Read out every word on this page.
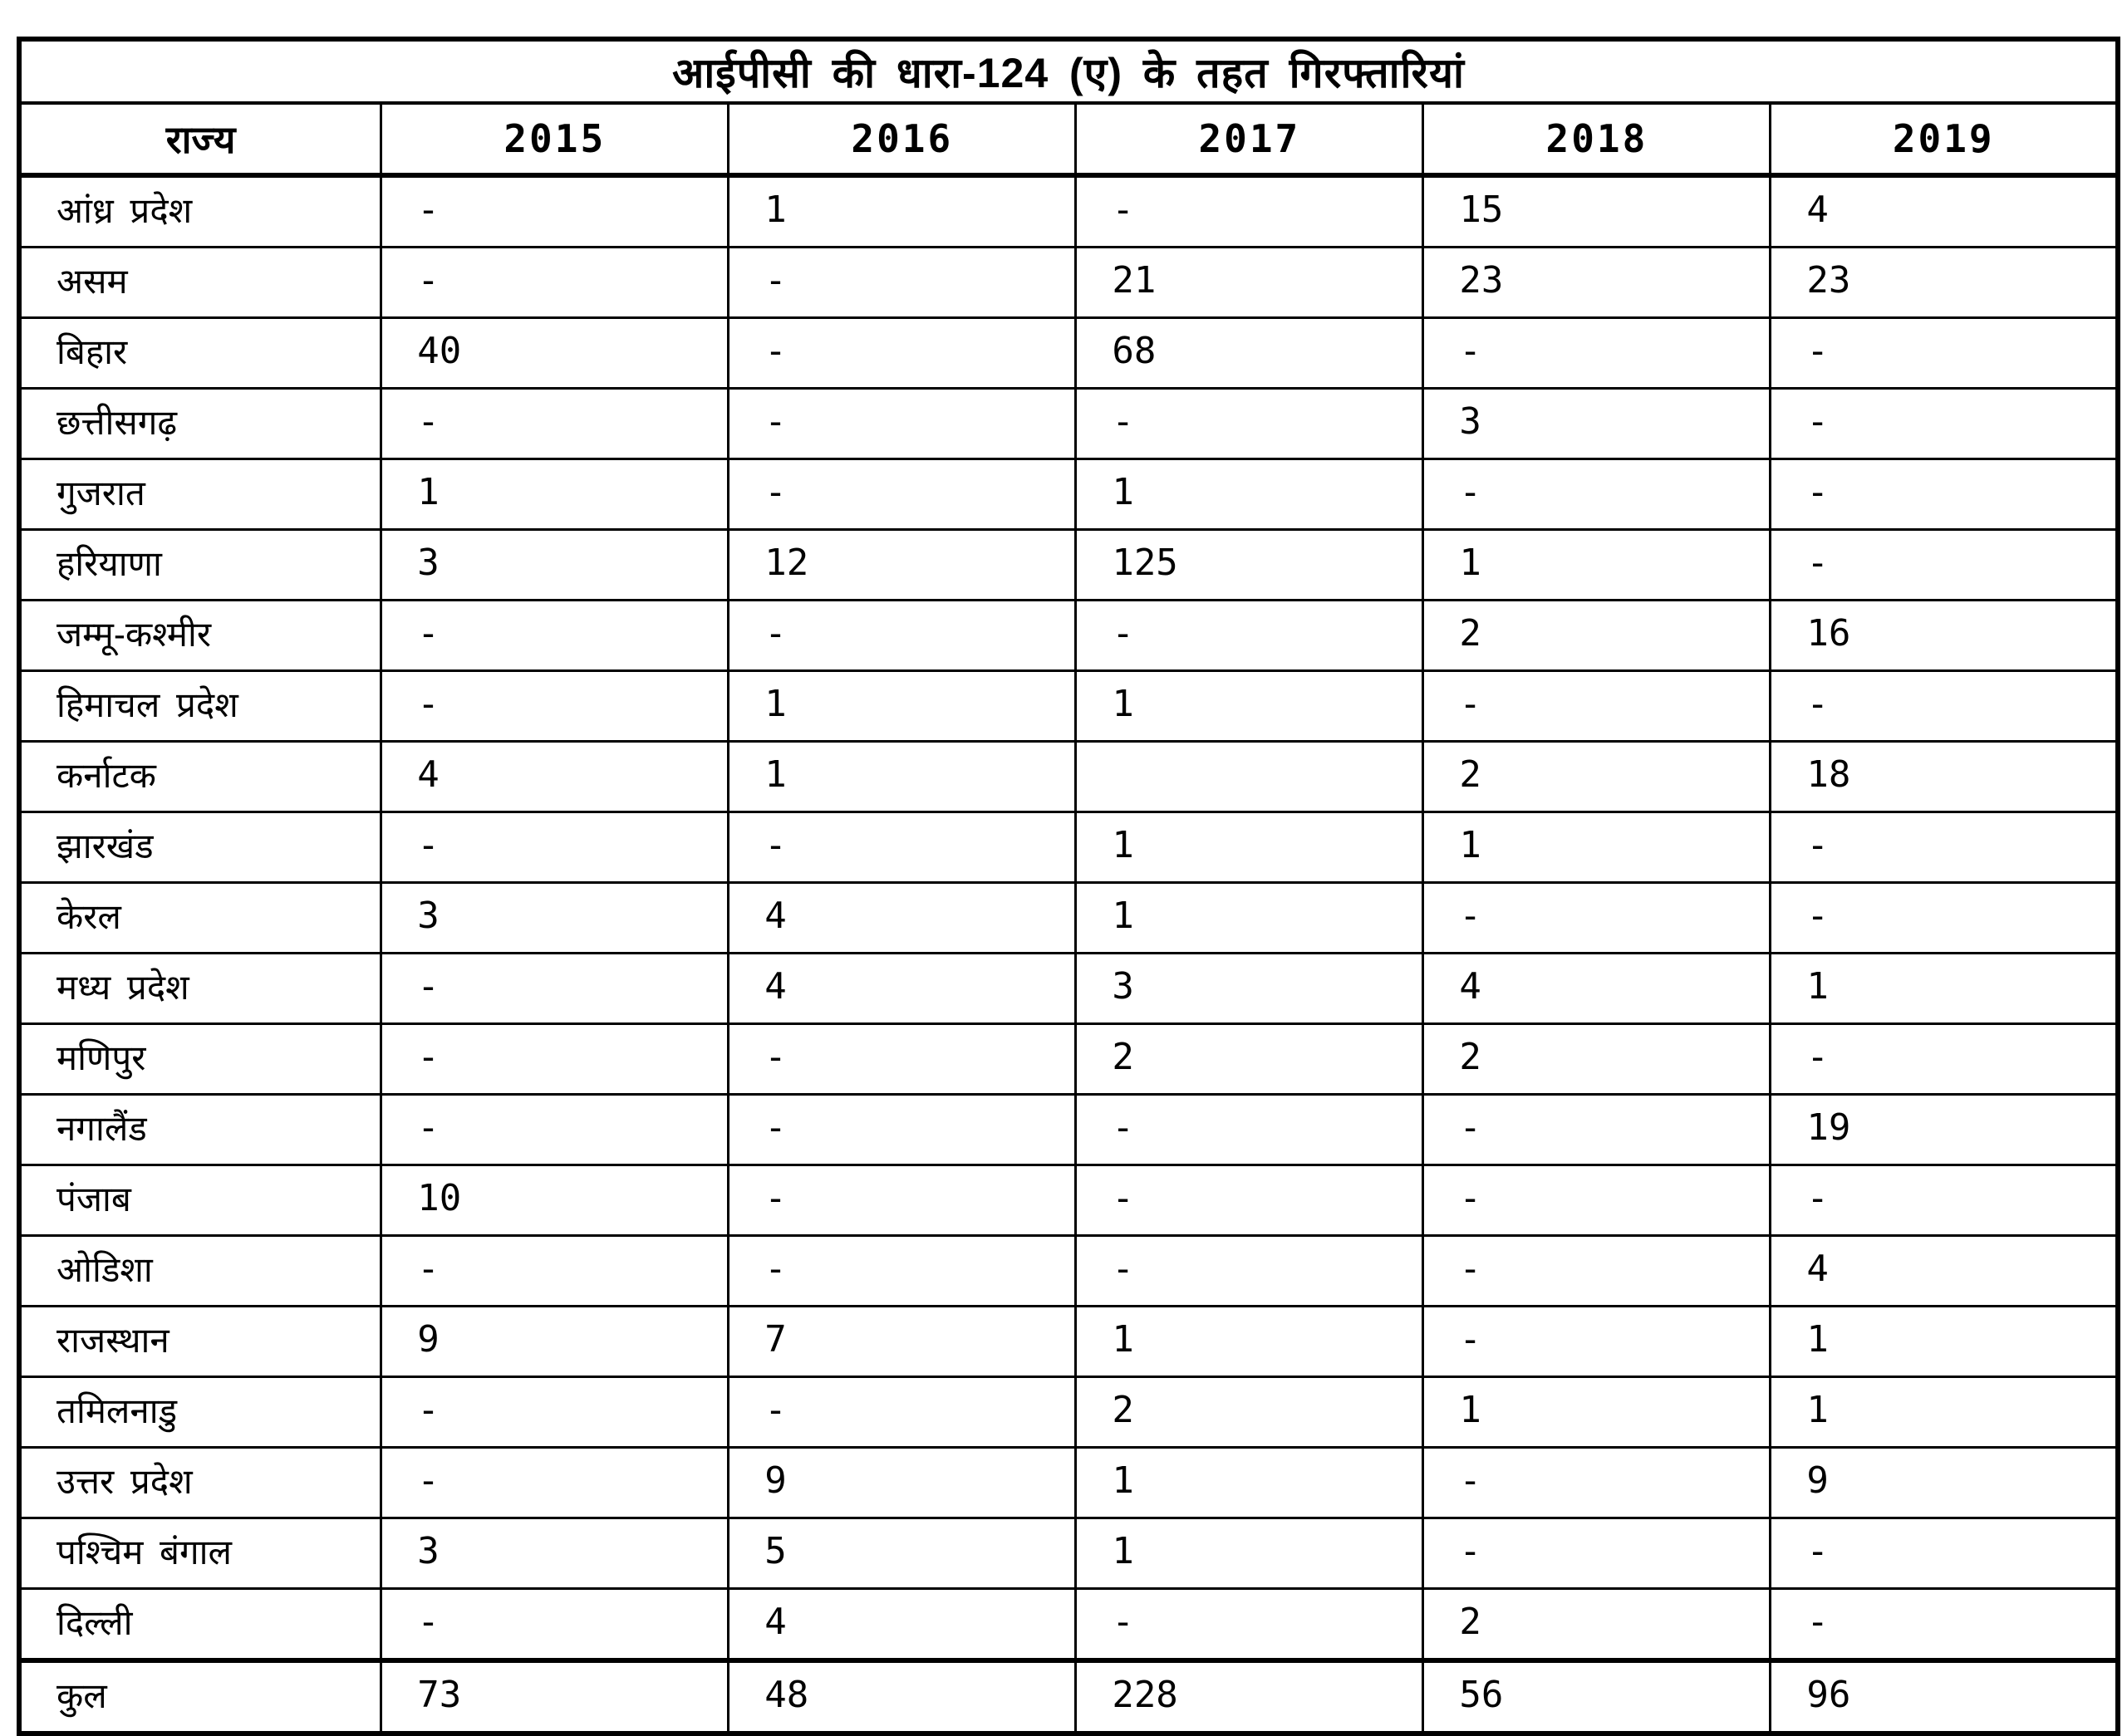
आईपीसी की धारा-124 (ए) के तहत गिरफ्तारियां					
राज्य	2015	2016	2017	2018	2019
आंध्र प्रदेश	-	1	-	15	4
असम	-	-	21	23	23
बिहार	40	-	68	-	-
छत्तीसगढ़	-	-	-	3	-
गुजरात	1	-	1	-	-
हरियाणा	3	12	125	1	-
जम्मू-कश्मीर	-	-	-	2	16
हिमाचल प्रदेश	-	1	1	-	-
कर्नाटक	4	1		2	18
झारखंड	-	-	1	1	-
केरल	3	4	1	-	-
मध्य प्रदेश	-	4	3	4	1
मणिपुर	-	-	2	2	-
नगालैंड	-	-	-	-	19
पंजाब	10	-	-	-	-
ओडिशा	-	-	-	-	4
राजस्थान	9	7	1	-	1
तमिलनाडु	-	-	2	1	1
उत्तर प्रदेश	-	9	1	-	9
पश्चिम बंगाल	3	5	1	-	-
दिल्ली	-	4	-	2	-
कुल	73	48	228	56	96
